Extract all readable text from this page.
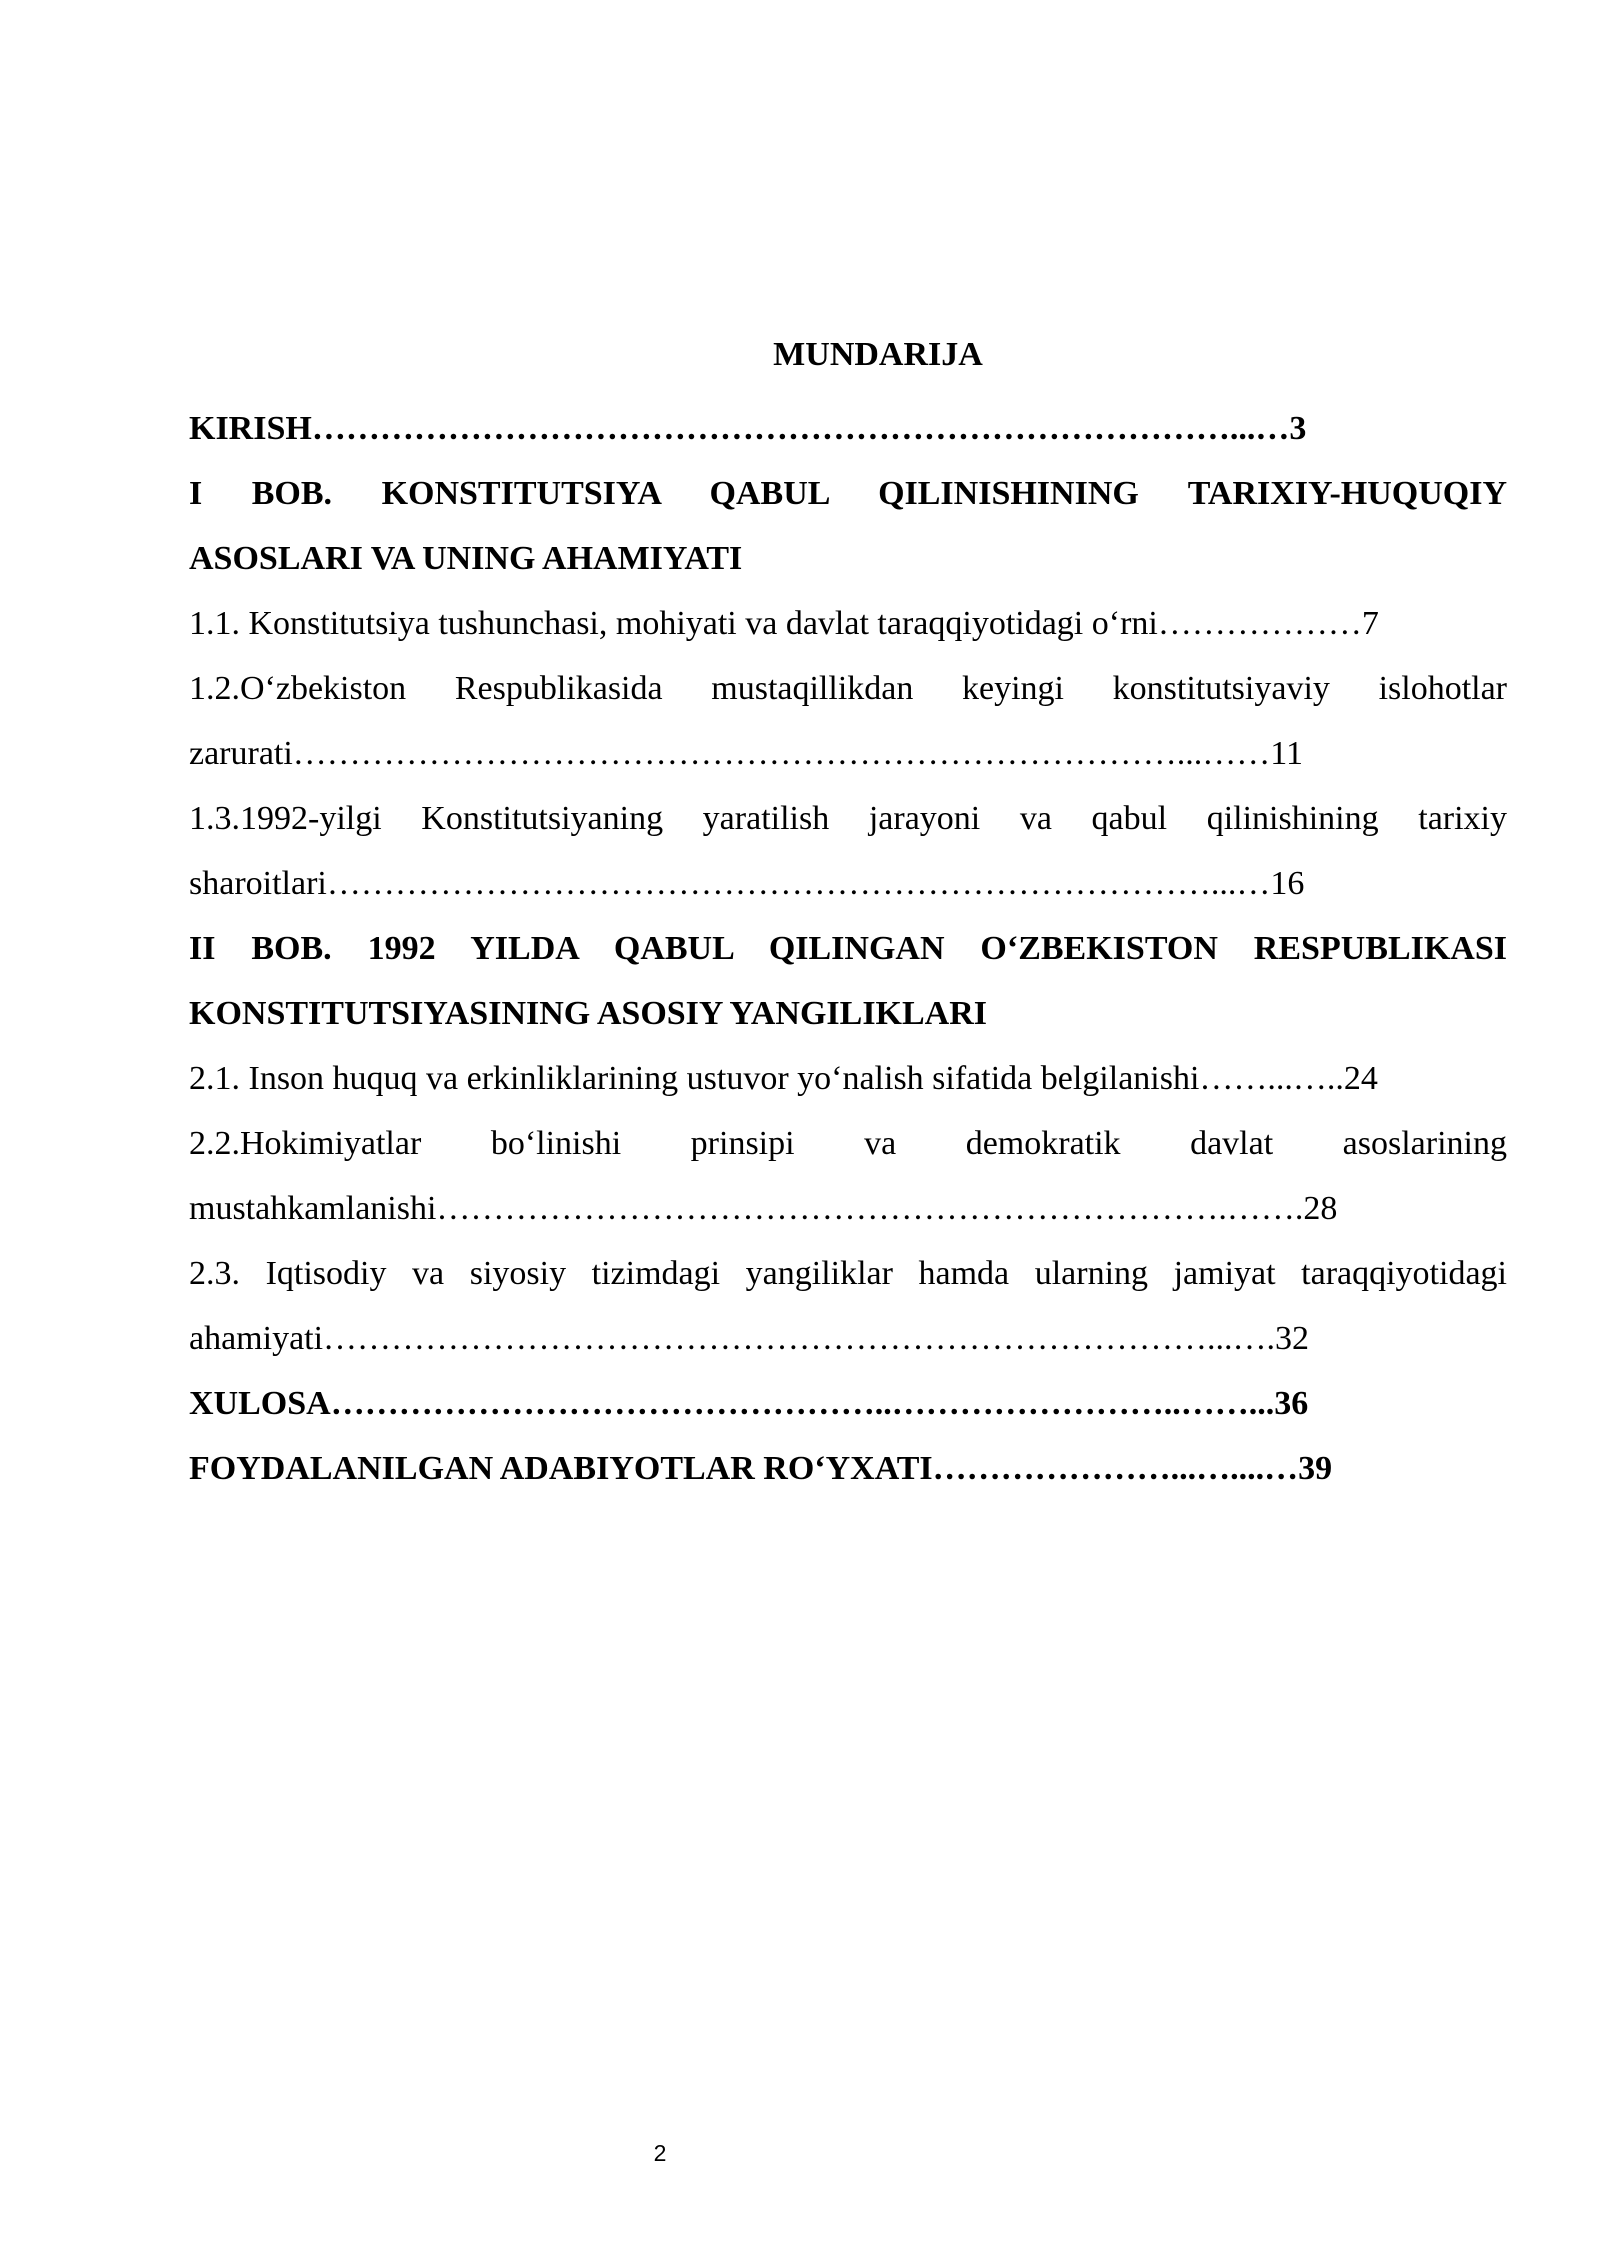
MUNDARIJA
KIRISH………………………………………………………………………...…3
I BOB. KONSTITUTSIYA QABUL QILINISHINING TARIXIY-HUQUQIY
ASOSLARI VA UNING AHAMIYATI
1.1. Konstitutsiya tushunchasi, mohiyati va davlat taraqqiyotidagi o‘rni………………7
1.2.O‘zbekiston Respublikasida mustaqillikdan keyingi konstitutsiyaviy islohotlar
zarurati……………………………………………………………………...……11
1.3.1992-yilgi Konstitutsiyaning yaratilish jarayoni va qabul qilinishining tarixiy
sharoitlari……………………………………………………………………...…16
II BOB. 1992 YILDA QABUL QILINGAN O‘ZBEKISTON RESPUBLIKASI
KONSTITUTSIYASINING ASOSIY YANGILIKLARI
2.1. Inson huquq va erkinliklarining ustuvor yo‘nalish sifatida belgilanishi……...…..24
2.2.Hokimiyatlar bo‘linishi prinsipi va demokratik davlat asoslarining
mustahkamlanishi…………………………………………………………….…….28
2.3. Iqtisodiy va siyosiy tizimdagi yangiliklar hamda ularning jamiyat taraqqiyotidagi
ahamiyati……………………………………………………………………...….32
XULOSA…………………………………………..……………………..……...36
FOYDALANILGAN ADABIYOTLAR RO‘YXATI…………………...…....…39
2
